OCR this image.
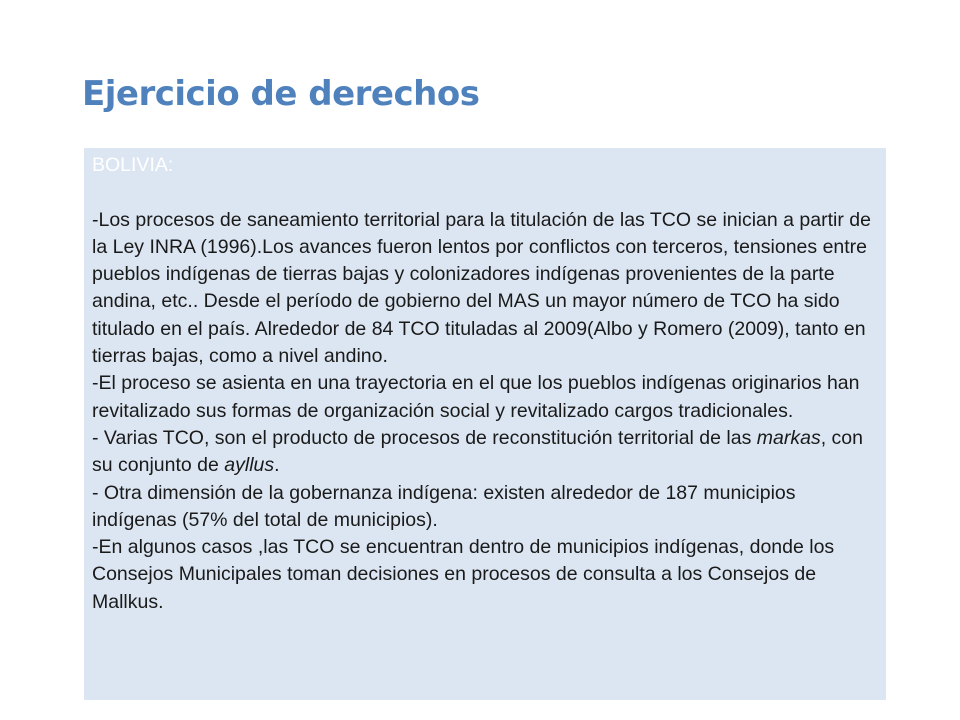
Ejercicio de derechos
BOLIVIA:

-Los procesos de saneamiento territorial para la titulación de las TCO se inician a partir de la Ley INRA (1996).Los avances fueron lentos por conflictos con terceros, tensiones entre pueblos indígenas de tierras bajas y colonizadores indígenas provenientes de la parte andina, etc.. Desde el período de gobierno del MAS un mayor número de TCO ha sido titulado en el país. Alrededor de 84 TCO tituladas al 2009(Albo y Romero (2009), tanto en tierras bajas, como a nivel andino.

-El proceso se asienta en una trayectoria en el que los pueblos indígenas originarios han revitalizado sus formas de organización social y revitalizado cargos tradicionales.

- Varias TCO, son el producto de procesos de reconstitución territorial de las markas, con su conjunto de ayllus.

- Otra dimensión de la gobernanza indígena: existen alrededor de 187 municipios indígenas (57% del total de municipios).

-En algunos casos ,las TCO se encuentran dentro de municipios indígenas, donde los Consejos Municipales toman decisiones en procesos de consulta a los Consejos de Mallkus.
